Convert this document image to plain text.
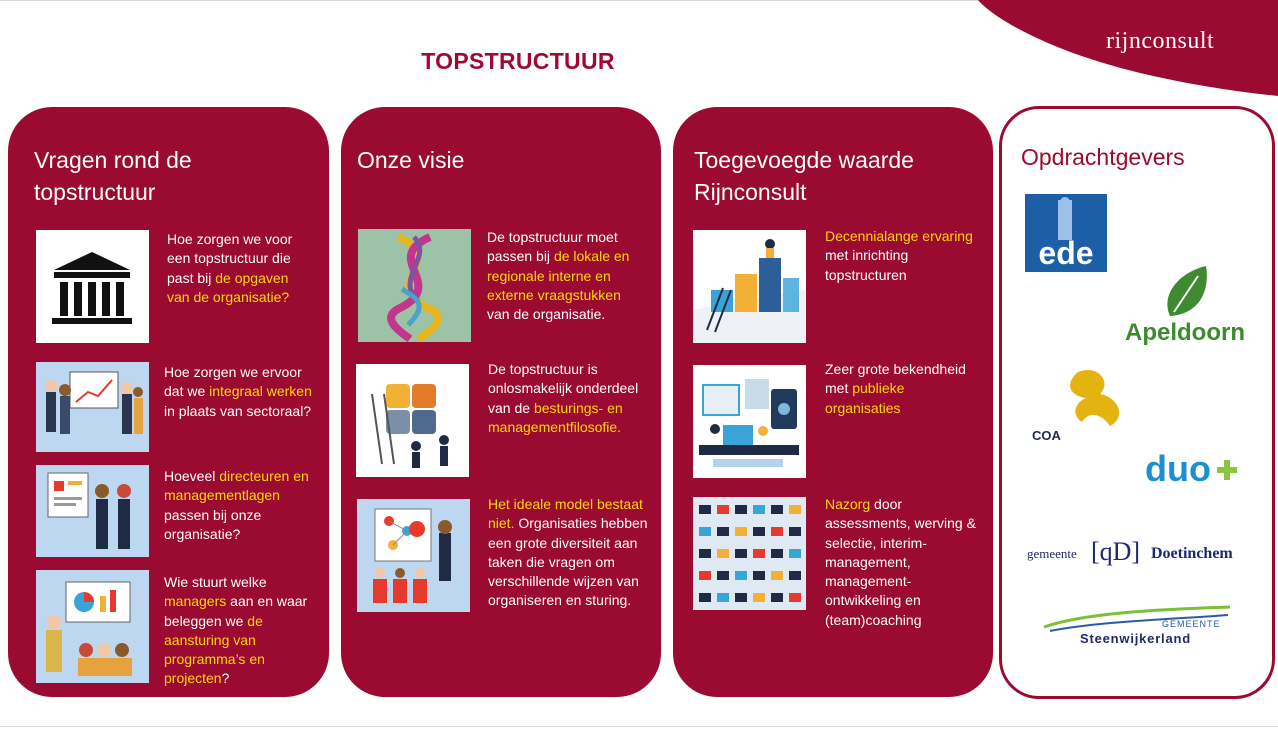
rijnconsult
TOPSTRUCTUUR
Vragen rond de topstructuur
Hoe zorgen we voor een topstructuur die past bij de opgaven van de organisatie?
Hoe zorgen we ervoor dat we integraal werken in plaats van sectoraal?
Hoeveel directeuren en managementlagen passen bij onze organisatie?
Wie stuurt welke managers aan en waar beleggen we de aansturing van programma’s en projecten?
Onze visie
De topstructuur moet passen bij de lokale en regionale interne en externe vraagstukken van de organisatie.
De topstructuur is onlosmakelijk onderdeel van de besturings- en managementfilosofie.
Het ideale model bestaat niet. Organisaties hebben een grote diversiteit aan taken die vragen om verschillende wijzen van organiseren en sturing.
Toegevoegde waarde Rijnconsult
Decennialange ervaring met inrichting topstructuren
Zeer grote bekendheid met publieke organisaties
Nazorg door assessments, werving & selectie, interim-management, management-ontwikkeling en (team)coaching
Opdrachtgevers
ede
Apeldoorn
COA
duo
gemeente [qD] Doetinchem
GEMEENTE
Steenwijkerland
